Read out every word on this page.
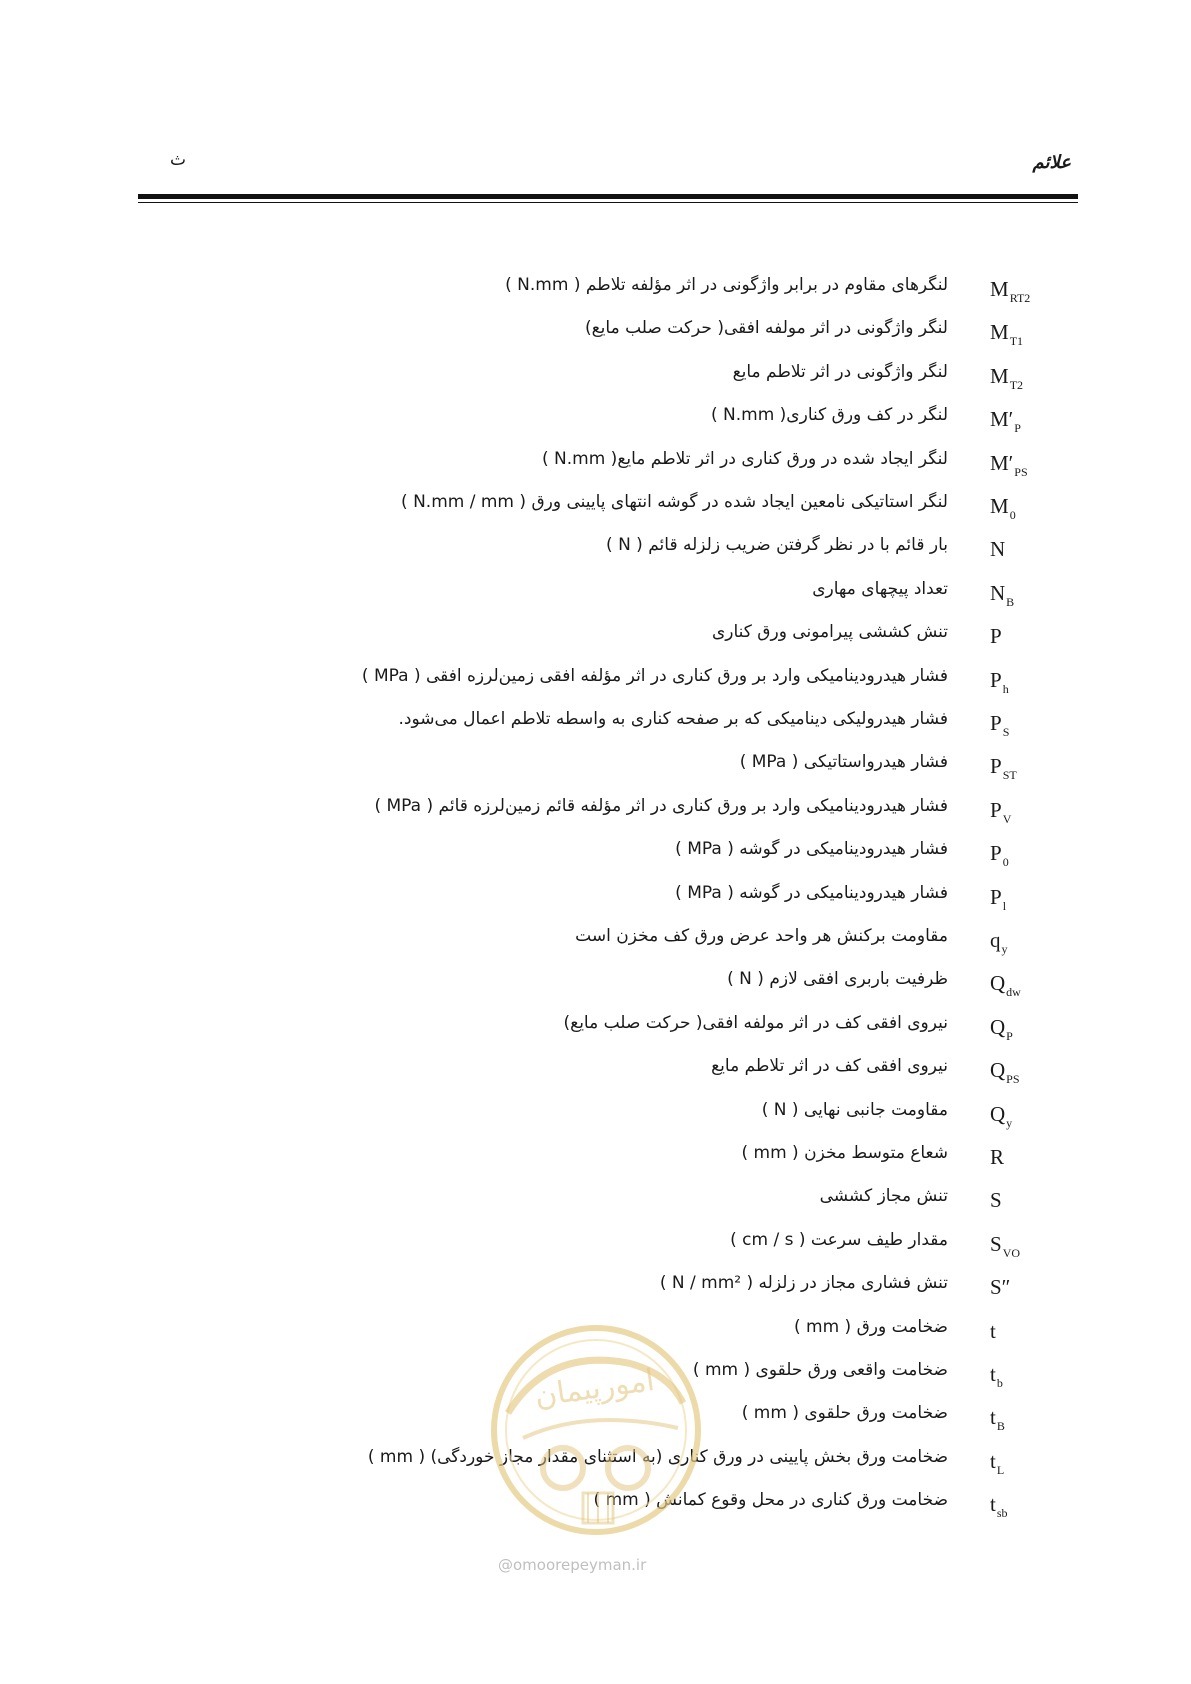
علائم
ث
$M_{RT2}$
لنگرهای مقاوم در برابر واژگونی در اثر مؤلفه تلاطم ( N.mm )
$M_{T1}$
لنگر واژگونی در اثر مولفه افقی( حرکت صلب مایع)
$M_{T2}$
لنگر واژگونی در اثر تلاطم مایع
$M'_P$
لنگر در کف ورق کناری( N.mm )
$M'_{PS}$
لنگر ایجاد شده در ورق کناری در اثر تلاطم مایع( N.mm )
$M_0$
لنگر استاتیکی نامعین ایجاد شده در گوشه انتهای پایینی ورق ( N.mm / mm )
N
بار قائم با در نظر گرفتن ضریب زلزله قائم ( N )
$N_B$
تعداد پیچهای مهاری
P
تنش کششی پیرامونی ورق کناری
$P_h$
فشار هیدرودینامیکی وارد بر ورق کناری در اثر مؤلفه افقی زمین‌لرزه افقی ( MPa )
$P_S$
فشار هیدرولیکی دینامیکی که بر صفحه کناری به واسطه تلاطم اعمال می‌شود.
$P_{ST}$
فشار هیدرواستاتیکی ( MPa )
$P_V$
فشار هیدرودینامیکی وارد بر ورق کناری در اثر مؤلفه قائم زمین‌لرزه قائم ( MPa )
$P_0$
فشار هیدرودینامیکی در گوشه ( MPa )
$P_l$
فشار هیدرودینامیکی در گوشه ( MPa )
$q_y$
مقاومت برکنش هر واحد عرض ورق کف مخزن است
$Q_{dw}$
ظرفیت باربری افقی لازم ( N )
$Q_P$
نیروی افقی کف در اثر مولفه افقی( حرکت صلب مایع)
$Q_{PS}$
نیروی افقی کف در اثر تلاطم مایع
$Q_y$
مقاومت جانبی نهایی ( N )
R
شعاع متوسط مخزن ( mm )
S
تنش مجاز کششی
$S_{VO}$
مقدار طیف سرعت ( cm / s )
S″
تنش فشاری مجاز در زلزله ( N / mm² )
t
ضخامت ورق ( mm )
$t_b$
ضخامت واقعی ورق حلقوی ( mm )
$t_B$
ضخامت ورق حلقوی ( mm )
$t_L$
ضخامت ورق بخش پایینی در ورق کناری (به استثنای مقدار مجاز خوردگی) ( mm )
$t_{sb}$
ضخامت ورق کناری در محل وقوع کمانش ( mm )
امورپیمان
@omoorepeyman.ir
